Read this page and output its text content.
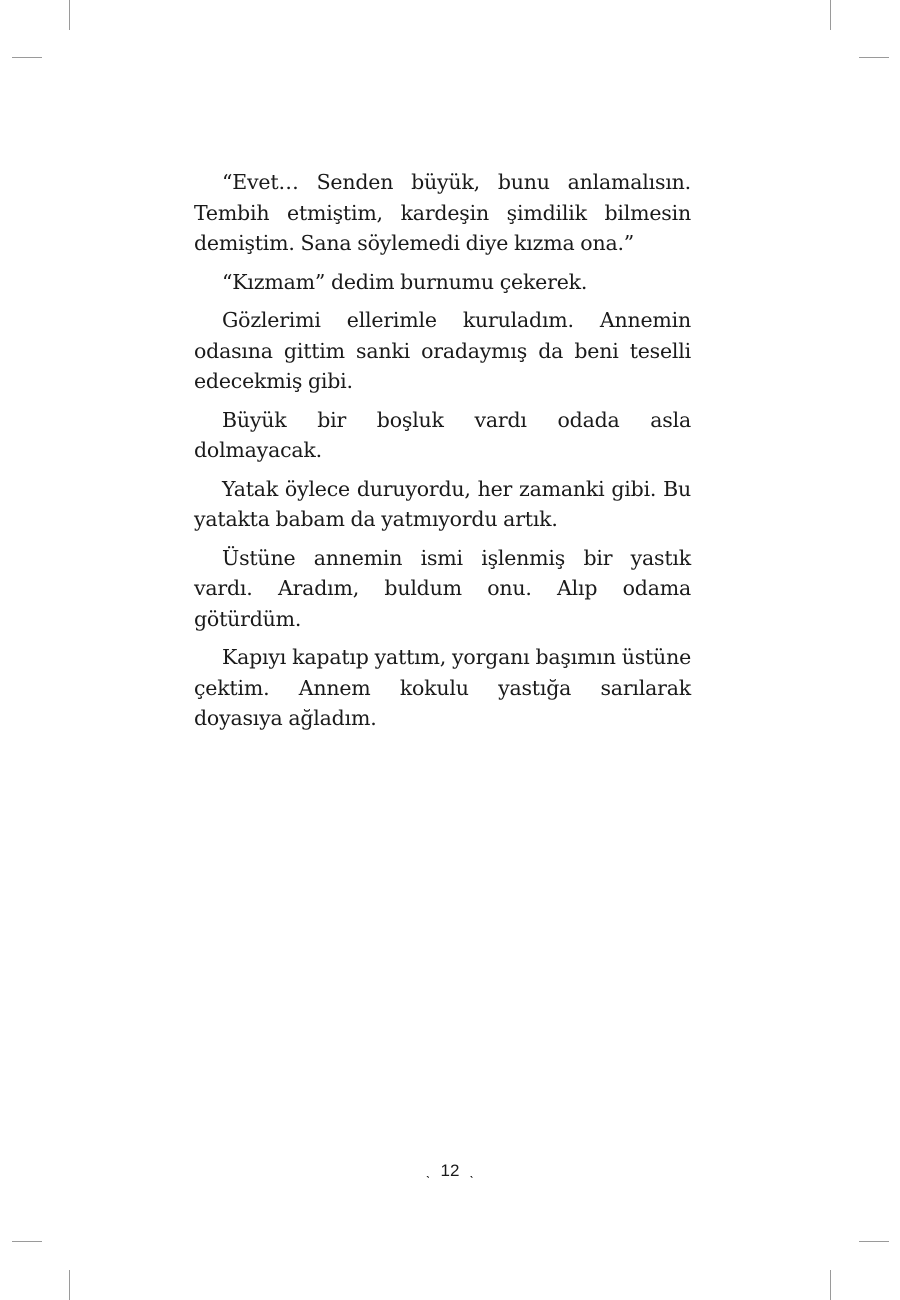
“Evet… Senden büyük, bunu anlamalısın. Tembih etmiştim, kardeşin şimdilik bilmesin demiştim. Sana söylemedi diye kızma ona.”

“Kızmam” dedim burnumu çekerek.

Gözlerimi ellerimle kuruladım. Annemin odasına gittim sanki oradaymış da beni teselli edecekmiş gibi.

Büyük bir boşluk vardı odada asla dolmayacak.

Yatak öylece duruyordu, her zamanki gibi. Bu yatakta babam da yatmıyordu artık.

Üstüne annemin ismi işlenmiş bir yastık vardı. Aradım, buldum onu. Alıp odama götürdüm.

Kapıyı kapatıp yattım, yorganı başımın üstüne çektim. Annem kokulu yastığa sarılarak doyasıya ağladım.

ˎ 12 ˎ
